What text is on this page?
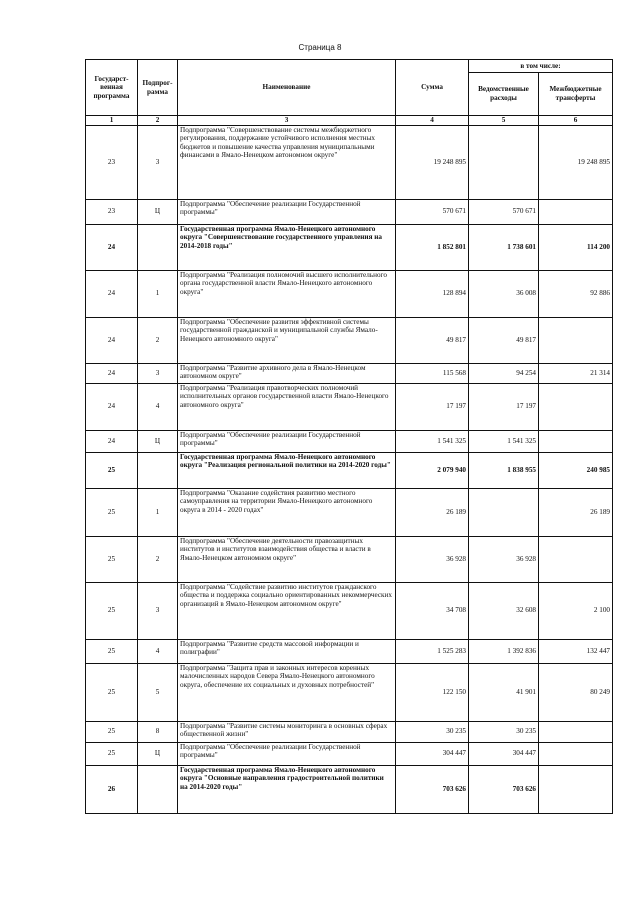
Страница 8
Государст-венная программа	Подпрог-рамма	Наименование	Сумма	в том числе:	
				Ведомственные расходы	Межбюджетные трансферты
1	2	3	4	5	6
23	3	Подпрограмма "Совершенствование системы межбюджетного регулирования, поддержание устойчивого исполнения местных бюджетов и повышение качества управления муниципальными финансами в Ямало-Ненецком автономном округе"	19 248 895		19 248 895
23	Ц	Подпрограмма "Обеспечение реализации Государственной программы"	570 671	570 671	
24		Государственная программа Ямало-Ненецкого автономного округа "Совершенствование государственного управления на 2014-2018 годы"	1 852 801	1 738 601	114 200
24	1	Подпрограмма "Реализация полномочий высшего исполнительного органа государственной власти Ямало-Ненецкого автономного округа"	128 894	36 008	92 886
24	2	Подпрограмма "Обеспечение развития эффективной системы государственной гражданской и муниципальной службы Ямало-Ненецкого автономного округа"	49 817	49 817	
24	3	Подпрограмма "Развитие архивного дела в Ямало-Ненецком автономном округе"	115 568	94 254	21 314
24	4	Подпрограмма "Реализация правотворческих полномочий исполнительных органов государственной власти Ямало-Ненецкого автономного округа"	17 197	17 197	
24	Ц	Подпрограмма "Обеспечение реализации Государственной программы"	1 541 325	1 541 325	
25		Государственная программа Ямало-Ненецкого автономного округа "Реализация региональной политики на 2014-2020 годы"	2 079 940	1 838 955	240 985
25	1	Подпрограмма "Оказание содействия развитию местного самоуправления на территории Ямало-Ненецкого автономного округа в 2014 - 2020 годах"	26 189		26 189
25	2	Подпрограмма "Обеспечение деятельности правозащитных институтов и институтов взаимодействия общества и власти в Ямало-Ненецком автономном округе"	36 928	36 928	
25	3	Подпрограмма "Содействие развитию институтов гражданского общества и поддержка социально ориентированных некоммерческих организаций в Ямало-Ненецком автономном округе"	34 708	32 608	2 100
25	4	Подпрограмма "Развитие средств массовой информации и полиграфии"	1 525 283	1 392 836	132 447
25	5	Подпрограмма "Защита прав и законных интересов коренных малочисленных народов Севера Ямало-Ненецкого автономного округа, обеспечение их социальных и духовных потребностей"	122 150	41 901	80 249
25	8	Подпрограмма "Развитие системы мониторинга в основных сферах общественной жизни"	30 235	30 235	
25	Ц	Подпрограмма "Обеспечение реализации Государственной программы"	304 447	304 447	
26		Государственная программа Ямало-Ненецкого автономного округа "Основные направления градостроительной политики на 2014-2020 годы"	703 626	703 626	
